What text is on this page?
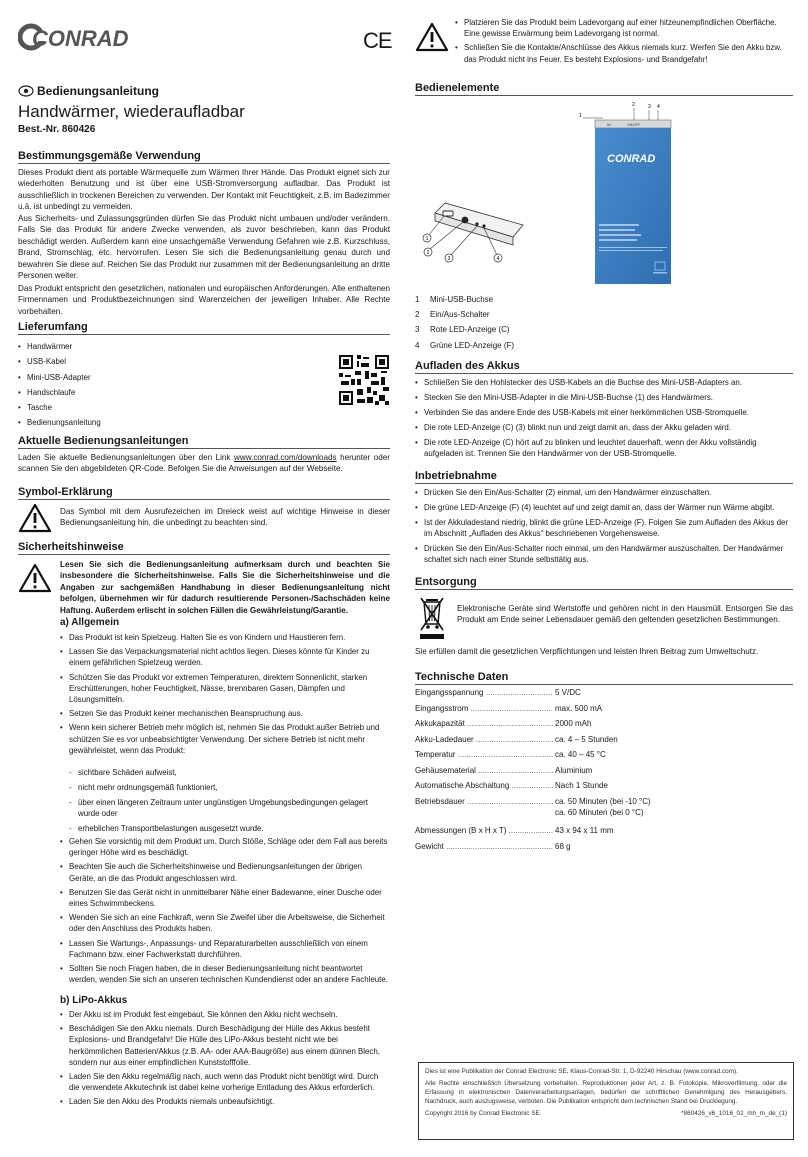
CONRAD	CE
Bedienungsanleitung
Handwärmer, wiederaufladbar
Best.-Nr. 860426
Bestimmungsgemäße Verwendung
Dieses Produkt dient als portable Wärmequelle zum Wärmen Ihrer Hände. Das Produkt eignet sich zur wiederholten Benutzung und ist über eine USB-Stromversorgung aufladbar. Das Produkt ist ausschließlich in trockenen Bereichen zu verwenden. Der Kontakt mit Feuchtigkeit, z.B. im Badezimmer u.ä. ist unbedingt zu vermeiden.
Aus Sicherheits- und Zulassungsgründen dürfen Sie das Produkt nicht umbauen und/oder verändern. Falls Sie das Produkt für andere Zwecke verwenden, als zuvor beschrieben, kann das Produkt beschädigt werden. Außerdem kann eine unsachgemäße Verwendung Gefahren wie z.B. Kurzschluss, Brand, Stromschlag, etc. hervorrufen. Lesen Sie sich die Bedienungsanleitung genau durch und bewahren Sie diese auf. Reichen Sie das Produkt nur zusammen mit der Bedienungsanleitung an dritte Personen weiter.
Das Produkt entspricht den gesetzlichen, nationalen und europäischen Anforderungen. Alle enthaltenen Firmennamen und Produktbezeichnungen sind Warenzeichen der jeweiligen Inhaber. Alle Rechte vorbehalten.
Lieferumfang
• Handwärmer
• USB-Kabel
• Mini-USB-Adapter
• Handschlaufe
• Tasche
• Bedienungsanleitung
Aktuelle Bedienungsanleitungen
Laden Sie aktuelle Bedienungsanleitungen über den Link www.conrad.com/downloads herunter oder scannen Sie den abgebildeten QR-Code. Befolgen Sie die Anweisungen auf der Webseite.
Symbol-Erklärung
Das Symbol mit dem Ausrufezeichen im Dreieck weist auf wichtige Hinweise in dieser Bedienungsanleitung hin, die unbedingt zu beachten sind.
Sicherheitshinweise
Lesen Sie sich die Bedienungsanleitung aufmerksam durch und beachten Sie insbesondere die Sicherheitshinweise. Falls Sie die Sicherheitshinweise und die Angaben zur sachgemäßen Handhabung in dieser Bedienungsanleitung nicht befolgen, übernehmen wir für dadurch resultierende Personen-/Sachschäden keine Haftung. Außerdem erlischt in solchen Fällen die Gewährleistung/Garantie.
a) Allgemein
• Das Produkt ist kein Spielzeug. Halten Sie es von Kindern und Haustieren fern.
• Lassen Sie das Verpackungsmaterial nicht achtlos liegen. Dieses könnte für Kinder zu einem gefährlichen Spielzeug werden.
• Schützen Sie das Produkt vor extremen Temperaturen, direktem Sonnenlicht, starken Erschütterungen, hoher Feuchtigkeit, Nässe, brennbaren Gasen, Dämpfen und Lösungsmitteln.
• Setzen Sie das Produkt keiner mechanischen Beanspruchung aus.
• Wenn kein sicherer Betrieb mehr möglich ist, nehmen Sie das Produkt außer Betrieb und schützen Sie es vor unbeabsichtigter Verwendung. Der sichere Betrieb ist nicht mehr gewährleistet, wenn das Produkt:
- sichtbare Schäden aufweist,
- nicht mehr ordnungsgemäß funktioniert,
- über einen längeren Zeitraum unter ungünstigen Umgebungsbedingungen gelagert wurde oder
- erheblichen Transportbelastungen ausgesetzt wurde.
• Gehen Sie vorsichtig mit dem Produkt um. Durch Stöße, Schläge oder dem Fall aus bereits geringer Höhe wird es beschädigt.
• Beachten Sie auch die Sicherheitshinweise und Bedienungsanleitungen der übrigen Geräte, an die das Produkt angeschlossen wird.
• Benutzen Sie das Gerät nicht in unmittelbarer Nähe einer Badewanne, einer Dusche oder eines Schwimmbeckens.
• Wenden Sie sich an eine Fachkraft, wenn Sie Zweifel über die Arbeitsweise, die Sicherheit oder den Anschluss des Produkts haben.
• Lassen Sie Wartungs-, Anpassungs- und Reparaturarbeiten ausschließlich von einem Fachmann bzw. einer Fachwerkstatt durchführen.
• Sollten Sie noch Fragen haben, die in dieser Bedienungsanleitung nicht beantwortet werden, wenden Sie sich an unseren technischen Kundendienst oder an andere Fachleute.
b) LiPo-Akkus
• Der Akku ist im Produkt fest eingebaut, Sie können den Akku nicht wechseln.
• Beschädigen Sie den Akku niemals. Durch Beschädigung der Hülle des Akkus besteht Explosions- und Brandgefahr! Die Hülle des LiPo-Akkus besteht nicht wie bei herkömmlichen Batterien/Akkus (z.B. AA- oder AAA-Baugröße) aus einem dünnen Blech, sondern nur aus einer empfindlichen Kunststofffolie.
• Laden Sie den Akku regelmäßig nach, auch wenn das Produkt nicht benötigt wird. Durch die verwendete Akkutechnik ist dabei keine vorherige Entladung des Akkus erforderlich.
• Laden Sie den Akku des Produkts niemals unbeaufsichtigt.
• Platzieren Sie das Produkt beim Ladevorgang auf einer hitzeunempfindlichen Oberfläche. Eine gewisse Erwärmung beim Ladevorgang ist normal.
• Schließen Sie die Kontakte/Anschlüsse des Akkus niemals kurz. Werfen Sie den Akku bzw. das Produkt nicht ins Feuer. Es besteht Explosions- und Brandgefahr!
Bedienelemente
1
2
3	4
1
2	3 4
5V	ON/OFF
CONRAD
1 Mini-USB-Buchse
2 Ein/Aus-Schalter
3 Rote LED-Anzeige (C)
4 Grüne LED-Anzeige (F)
Aufladen des Akkus
• Schließen Sie den Hohlstecker des USB-Kabels an die Buchse des Mini-USB-Adapters an.
• Stecken Sie den Mini-USB-Adapter in die Mini-USB-Buchse (1) des Handwärmers.
• Verbinden Sie das andere Ende des USB-Kabels mit einer herkömmlichen USB-Stromquelle.
• Die rote LED-Anzeige (C) (3) blinkt nun und zeigt damit an, dass der Akku geladen wird.
• Die rote LED-Anzeige (C) hört auf zu blinken und leuchtet dauerhaft, wenn der Akku vollständig aufgeladen ist. Trennen Sie den Handwärmer von der USB-Stromquelle.
Inbetriebnahme
• Drücken Sie den Ein/Aus-Schalter (2) einmal, um den Handwärmer einzuschalten.
• Die grüne LED-Anzeige (F) (4) leuchtet auf und zeigt damit an, dass der Wärmer nun Wärme abgibt.
• Ist der Akkuladestand niedrig, blinkt die grüne LED-Anzeige (F). Folgen Sie zum Aufladen des Akkus der im Abschnitt „Aufladen des Akkus“ beschriebenen Vorgehensweise.
• Drücken Sie den Ein/Aus-Schalter noch einmal, um den Handwärmer auszuschalten. Der Handwärmer schaltet sich nach einer Stunde selbsttätig aus.
Entsorgung
Elektronische Geräte sind Wertstoffe und gehören nicht in den Hausmüll. Entsorgen Sie das Produkt am Ende seiner Lebensdauer gemäß den geltenden gesetzlichen Bestimmungen.
Sie erfüllen damit die gesetzlichen Verpflichtungen und leisten Ihren Beitrag zum Umweltschutz.
Technische Daten
Eingangsspannung .....	5 V/DC
Eingangsstrom .....	max. 500 mA
Akkukapazität .....	2000 mAh
Akku-Ladedauer .....	ca. 4 – 5 Stunden
Temperatur .....	ca. 40 – 45 °C
Gehäusematerial .....	Aluminium
Automatische Abschaltung .....	Nach 1 Stunde
Betriebsdauer .....	ca. 50 Minuten (bei -10 °C)
ca. 60 Minuten (bei 0 °C)
Abmessungen (B x H x T) .....	43 x 94 x 11 mm
Gewicht .....	68 g
Dies ist eine Publikation der Conrad Electronic SE, Klaus-Conrad-Str. 1, D-92240 Hirschau (www.conrad.com).
Alle Rechte einschließlich Übersetzung vorbehalten. Reproduktionen jeder Art, z. B. Fotokopie, Mikroverfilmung, oder die Erfassung in elektronischen Datenverarbeitungsanlagen, bedürfen der schriftlichen Genehmigung des Herausgebers. Nachdruck, auch auszugsweise, verboten. Die Publikation entspricht dem technischen Stand bei Drucklegung.
Copyright 2016 by Conrad Electronic SE.	*860426_v6_1016_02_mh_m_de_(1)
